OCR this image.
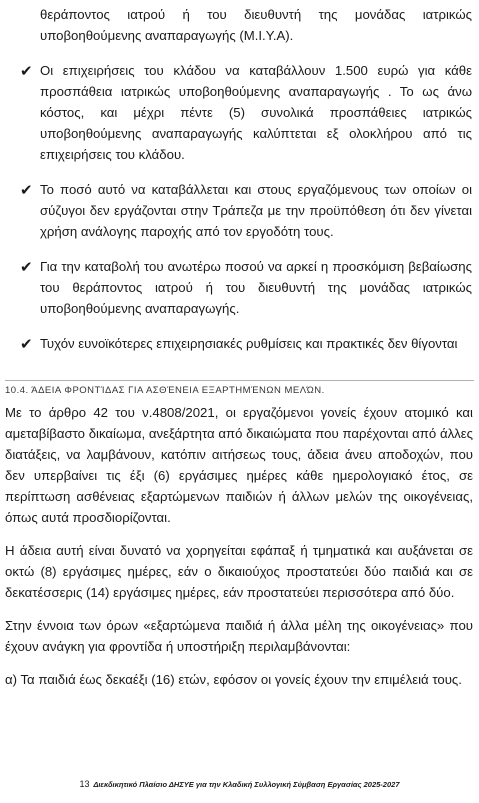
θεράποντος ιατρού ή του διευθυντή της μονάδας ιατρικώς υποβοηθούμενης αναπαραγωγής (Μ.Ι.Υ.Α).
✔ Οι επιχειρήσεις του κλάδου να καταβάλλουν 1.500 ευρώ για κάθε προσπάθεια ιατρικώς υποβοηθούμενης αναπαραγωγής . Το ως άνω κόστος, και μέχρι πέντε (5) συνολικά προσπάθειες ιατρικώς υποβοηθούμενης αναπαραγωγής καλύπτεται εξ ολοκλήρου από τις επιχειρήσεις του κλάδου.
✔ Το ποσό αυτό να καταβάλλεται και στους εργαζόμενους των οποίων οι σύζυγοι δεν εργάζονται στην Τράπεζα με την προϋπόθεση ότι δεν γίνεται χρήση ανάλογης παροχής από τον εργοδότη τους.
✔ Για την καταβολή του ανωτέρω ποσού να αρκεί η προσκόμιση βεβαίωσης του θεράποντος ιατρού ή του διευθυντή της μονάδας ιατρικώς υποβοηθούμενης αναπαραγωγής.
✔ Τυχόν ευνοϊκότερες επιχειρησιακές ρυθμίσεις και πρακτικές δεν θίγονται
10.4. ΆΔΕΙΑ ΦΡΟΝΤΊΔΑΣ ΓΙΑ ΑΣΘΈΝΕΙΑ ΕΞΑΡΤΗΜΈΝΩΝ ΜΕΛΏΝ.

Με το άρθρο 42 του ν.4808/2021, οι εργαζόμενοι γονείς έχουν ατομικό και αμεταβίβαστο δικαίωμα, ανεξάρτητα από δικαιώματα που παρέχονται από άλλες διατάξεις, να λαμβάνουν, κατόπιν αιτήσεως τους, άδεια άνευ αποδοχών, που δεν υπερβαίνει τις έξι (6) εργάσιμες ημέρες κάθε ημερολογιακό έτος, σε περίπτωση ασθένειας εξαρτώμενων παιδιών ή άλλων μελών της οικογένειας, όπως αυτά προσδιορίζονται.

Η άδεια αυτή είναι δυνατό να χορηγείται εφάπαξ ή τμηματικά και αυξάνεται σε οκτώ (8) εργάσιμες ημέρες, εάν ο δικαιούχος προστατεύει δύο παιδιά και σε δεκατέσσερις (14) εργάσιμες ημέρες, εάν προστατεύει περισσότερα από δύο.

Στην έννοια των όρων «εξαρτώμενα παιδιά ή άλλα μέλη της οικογένειας» που έχουν ανάγκη για φροντίδα ή υποστήριξη περιλαμβάνονται:

α) Τα παιδιά έως δεκαέξι (16) ετών, εφόσον οι γονείς έχουν την επιμέλειά τους.

13 Διεκδικητικό Πλαίσιο ΔΗΣΥΕ για την Κλαδική Συλλογική Σύμβαση Εργασίας 2025-2027
